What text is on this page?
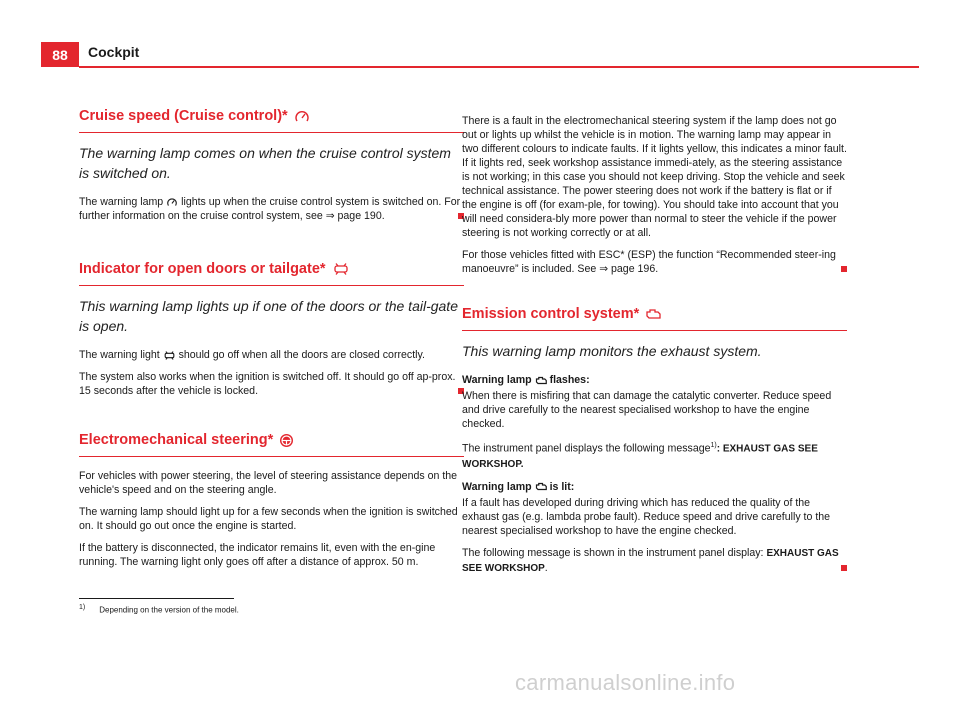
88	Cockpit
Cruise speed (Cruise control)*
The warning lamp comes on when the cruise control system is switched on.

The warning lamp lights up when the cruise control system is switched on. For further information on the cruise control system, see ⇒ page 190.

Indicator for open doors or tailgate*
This warning lamp lights up if one of the doors or the tail-gate is open.

The warning light should go off when all the doors are closed correctly.

The system also works when the ignition is switched off. It should go off ap-prox. 15 seconds after the vehicle is locked.

Electromechanical steering*

For vehicles with power steering, the level of steering assistance depends on the vehicle's speed and on the steering angle.

The warning lamp should light up for a few seconds when the ignition is switched on. It should go out once the engine is started.

If the battery is disconnected, the indicator remains lit, even with the en-gine running. The warning light only goes off after a distance of approx. 50 m.

There is a fault in the electromechanical steering system if the lamp does not go out or lights up whilst the vehicle is in motion. The warning lamp may appear in two different colours to indicate faults. If it lights yellow, this indicates a minor fault. If it lights red, seek workshop assistance immedi-ately, as the steering assistance is not working; in this case you should not keep driving. Stop the vehicle and seek technical assistance. The power steering does not work if the battery is flat or if the engine is off (for exam-ple, for towing). You should take into account that you will need considera-bly more power than normal to steer the vehicle if the power steering is not working correctly or at all.

For those vehicles fitted with ESC* (ESP) the function “Recommended steer-ing manoeuvre” is included. See ⇒ page 196.

Emission control system*
This warning lamp monitors the exhaust system.

Warning lamp flashes:

When there is misfiring that can damage the catalytic converter. Reduce speed and drive carefully to the nearest specialised workshop to have the engine checked.

The instrument panel displays the following message$^{1)}$: EXHAUST GAS SEE WORKSHOP.

Warning lamp is lit:

If a fault has developed during driving which has reduced the quality of the exhaust gas (e.g. lambda probe fault). Reduce speed and drive carefully to the nearest specialised workshop to have the engine checked.

The following message is shown in the instrument panel display: EXHAUST GAS SEE WORKSHOP.

$^{1)}$ Depending on the version of the model.
carmanualsonline.info
